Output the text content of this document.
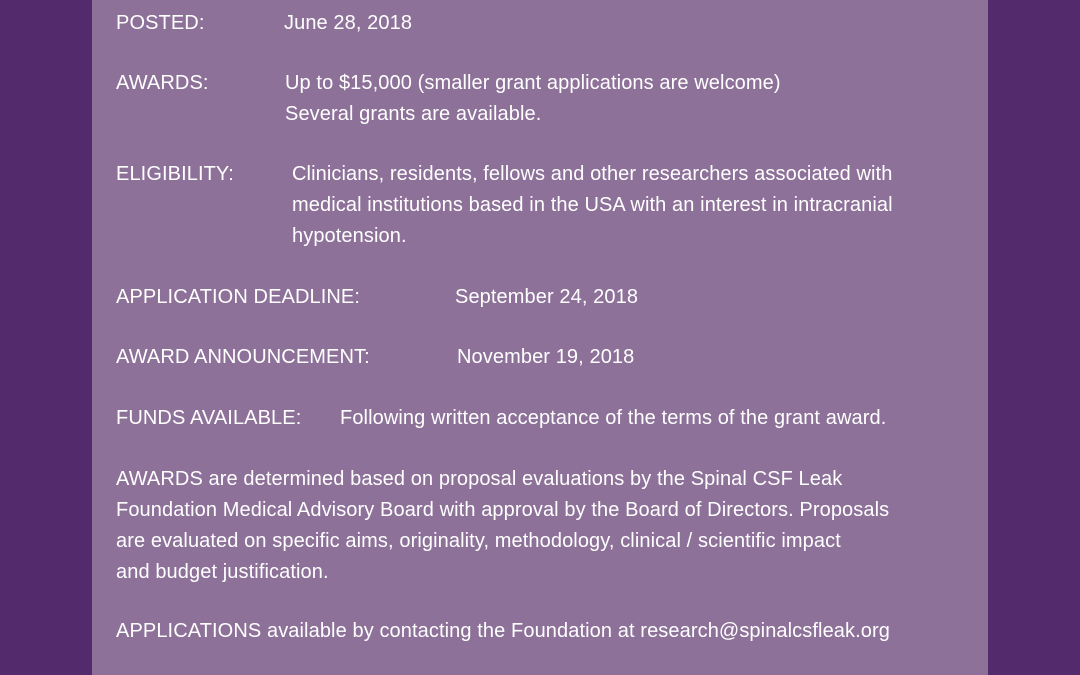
POSTED:	June 28, 2018
AWARDS:	Up to $15,000 (smaller grant applications are welcome)
Several grants are available.
ELIGIBILITY:	Clinicians, residents, fellows and other researchers associated with
medical institutions based in the USA with an interest in intracranial
hypotension.
APPLICATION DEADLINE:	September 24, 2018
AWARD ANNOUNCEMENT:	November 19, 2018
FUNDS AVAILABLE: Following written acceptance of the terms of the grant award.
AWARDS are determined based on proposal evaluations by the Spinal CSF Leak
Foundation Medical Advisory Board with approval by the Board of Directors. Proposals
are evaluated on specific aims, originality, methodology, clinical / scientific impact
and budget justification.
APPLICATIONS available by contacting the Foundation at research@spinalcsfleak.org
